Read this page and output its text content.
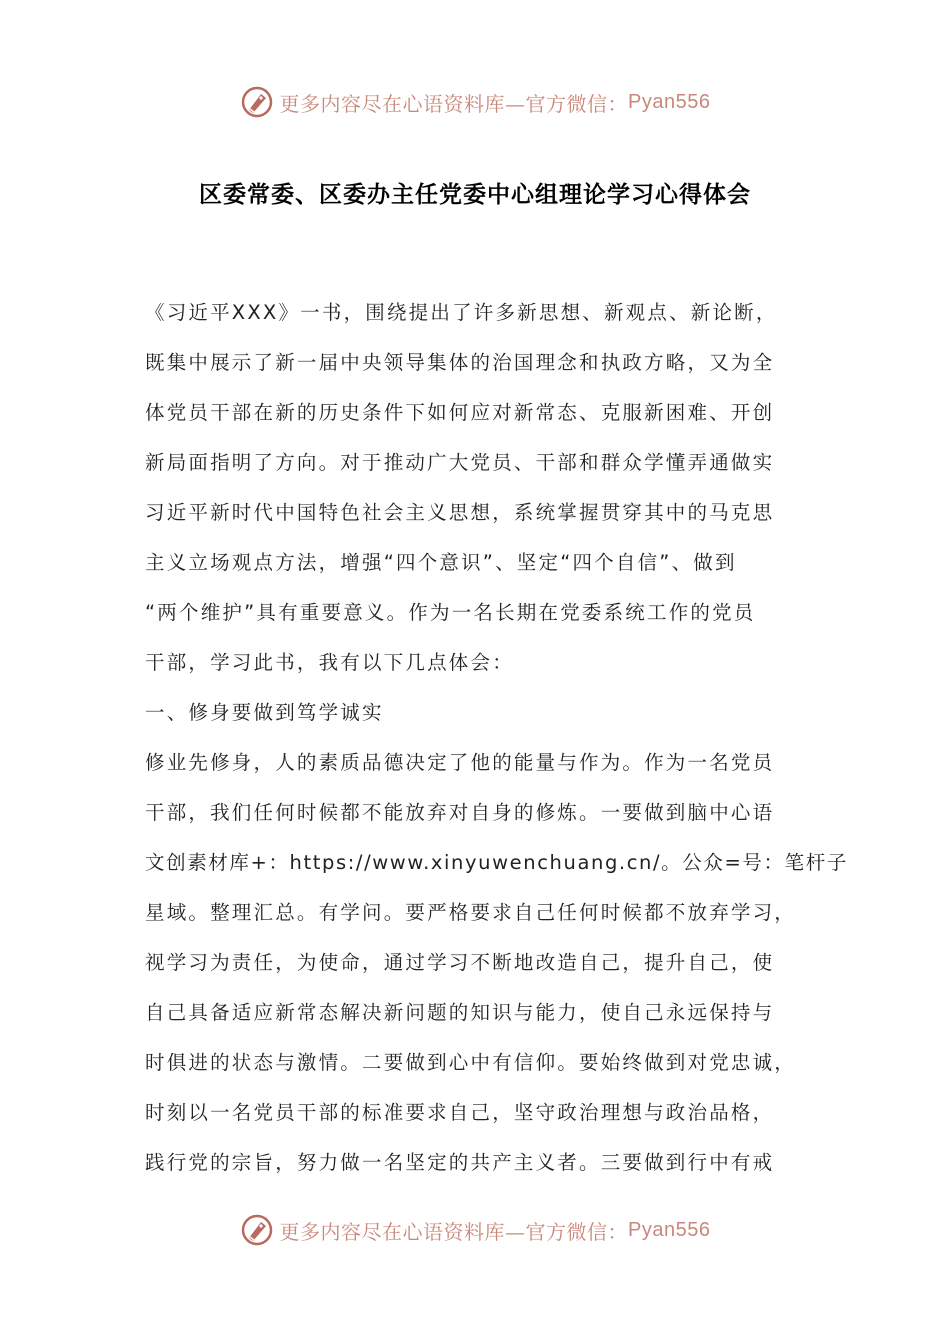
更多内容尽在心语资料库—官方微信： Pyan556
区委常委、区委办主任党委中心组理论学习心得体会
《习近平XXX》一书，围绕提出了许多新思想、新观点、新论断，
既集中展示了新一届中央领导集体的治国理念和执政方略，又为全
体党员干部在新的历史条件下如何应对新常态、克服新困难、开创
新局面指明了方向。对于推动广大党员、干部和群众学懂弄通做实
习近平新时代中国特色社会主义思想，系统掌握贯穿其中的马克思
主义立场观点方法，增强“四个意识”、坚定“四个自信”、做到
“两个维护”具有重要意义。作为一名长期在党委系统工作的党员
干部，学习此书，我有以下几点体会：
一、修身要做到笃学诚实
修业先修身，人的素质品德决定了他的能量与作为。作为一名党员
干部，我们任何时候都不能放弃对自身的修炼。一要做到脑中心语
文创素材库+：https://www.xinyuwenchuang.cn/。公众=号：笔杆子
星域。整理汇总。有学问。要严格要求自己任何时候都不放弃学习，
视学习为责任，为使命，通过学习不断地改造自己，提升自己，使
自己具备适应新常态解决新问题的知识与能力，使自己永远保持与
时俱进的状态与激情。二要做到心中有信仰。要始终做到对党忠诚，
时刻以一名党员干部的标准要求自己，坚守政治理想与政治品格，
践行党的宗旨，努力做一名坚定的共产主义者。三要做到行中有戒
更多内容尽在心语资料库—官方微信： Pyan556
